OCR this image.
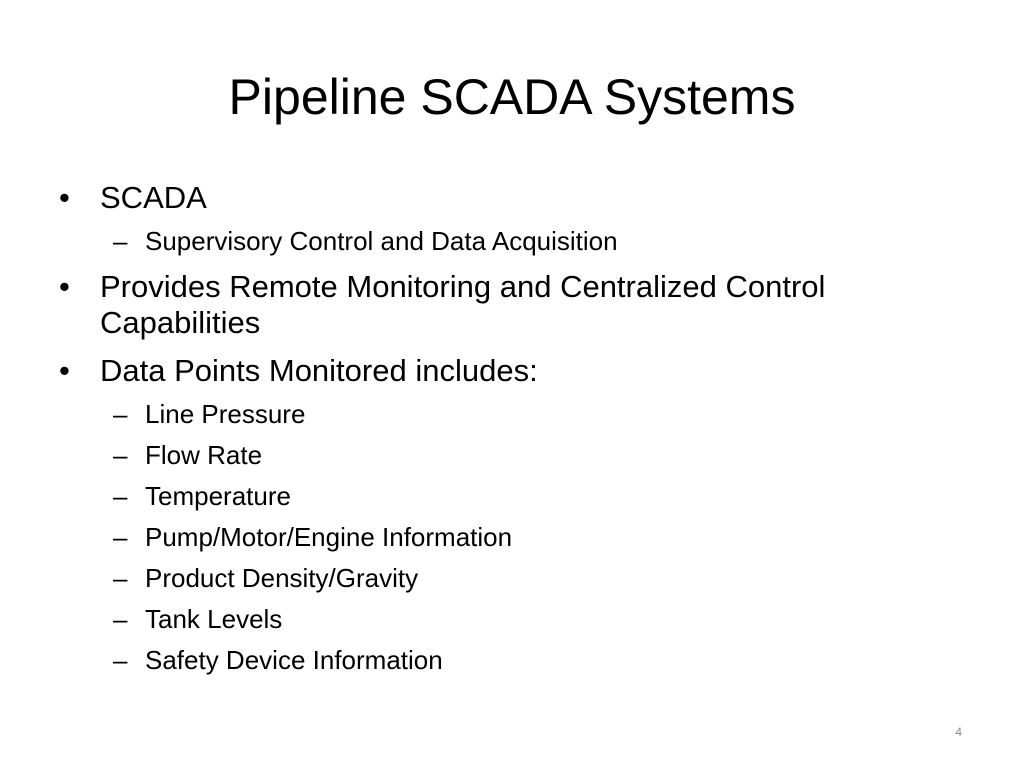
Pipeline SCADA Systems
• SCADA
– Supervisory Control and Data Acquisition
• Provides Remote Monitoring and Centralized Control Capabilities
• Data Points Monitored includes:
– Line Pressure
– Flow Rate
– Temperature
– Pump/Motor/Engine Information
– Product Density/Gravity
– Tank Levels
– Safety Device Information
4
